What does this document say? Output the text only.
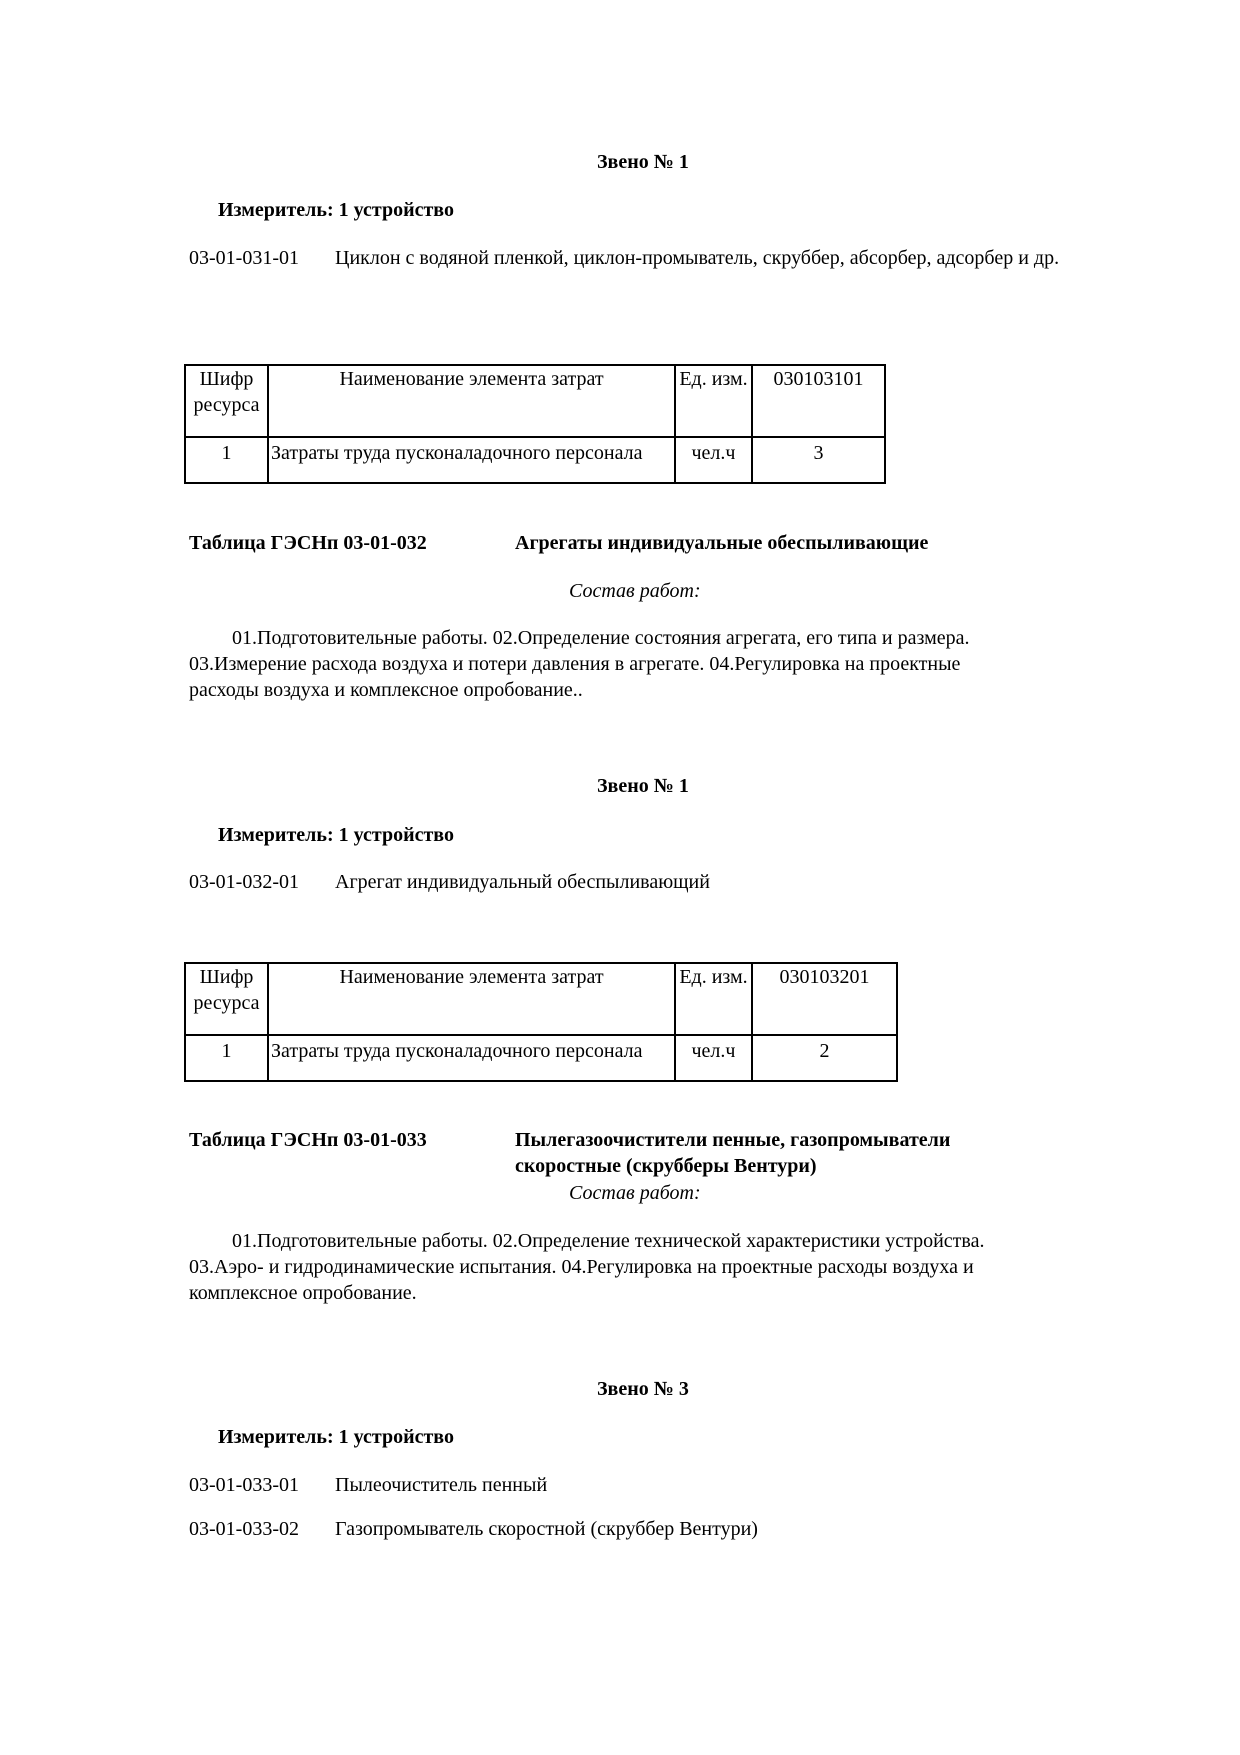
Звено № 1
Измеритель: 1 устройство
03-01-031-01 Циклон с водяной пленкой, циклон-промыватель, скруббер, абсорбер, адсорбер и др.
Шифр ресурса	Наименование элемента затрат	Ед. изм.	030103101
1	Затраты труда пусконаладочного персонала	чел.ч	3
Таблица ГЭСНп 03-01-032	Агрегаты индивидуальные обеспыливающие
Состав работ:
01.Подготовительные работы. 02.Определение состояния агрегата, его типа и размера. 03.Измерение расхода воздуха и потери давления в агрегате. 04.Регулировка на проектные расходы воздуха и комплексное опробование..
Звено № 1
Измеритель: 1 устройство
03-01-032-01 Агрегат индивидуальный обеспыливающий
Шифр ресурса	Наименование элемента затрат	Ед. изм.	030103201
1	Затраты труда пусконаладочного персонала	чел.ч	2
Таблица ГЭСНп 03-01-033	Пылегазоочистители пенные, газопромыватели скоростные (скрубберы Вентури)
Состав работ:
01.Подготовительные работы. 02.Определение технической характеристики устройства. 03.Аэро- и гидродинамические испытания. 04.Регулировка на проектные расходы воздуха и комплексное опробование.
Звено № 3
Измеритель: 1 устройство
03-01-033-01 Пылеочиститель пенный
03-01-033-02 Газопромыватель скоростной (скруббер Вентури)
